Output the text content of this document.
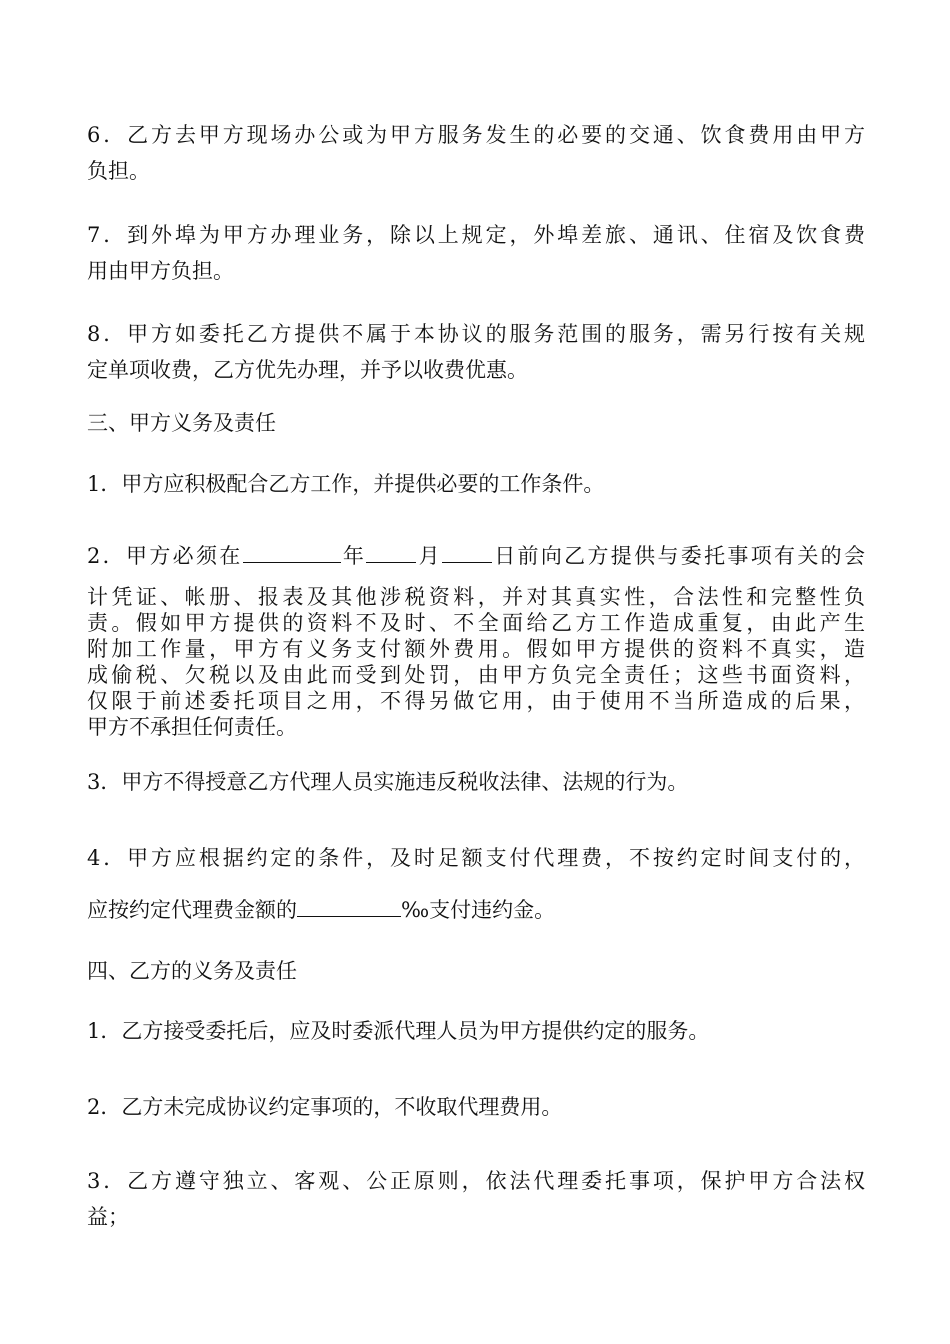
6．乙方去甲方现场办公或为甲方服务发生的必要的交通、饮食费用由甲方
负担。

7．到外埠为甲方办理业务，除以上规定，外埠差旅、通讯、住宿及饮食费
用由甲方负担。

8．甲方如委托乙方提供不属于本协议的服务范围的服务，需另行按有关规
定单项收费，乙方优先办理，并予以收费优惠。

三、甲方义务及责任

1．甲方应积极配合乙方工作，并提供必要的工作条件。

2．甲方必须在	年 月 日前向乙方提供与委托事项有关的会

计凭证、帐册、报表及其他涉税资料，并对其真实性，合法性和完整性负
责。假如甲方提供的资料不及时、不全面给乙方工作造成重复，由此产生
附加工作量，甲方有义务支付额外费用。假如甲方提供的资料不真实，造
成偷税、欠税以及由此而受到处罚，由甲方负完全责任；这些书面资料，
仅限于前述委托项目之用，不得另做它用，由于使用不当所造成的后果，
甲方不承担任何责任。

3．甲方不得授意乙方代理人员实施违反税收法律、法规的行为。

4．甲方应根据约定的条件，及时足额支付代理费，不按约定时间支付的，

应按约定代理费金额的	‰支付违约金。

四、乙方的义务及责任

1．乙方接受委托后，应及时委派代理人员为甲方提供约定的服务。

2．乙方未完成协议约定事项的，不收取代理费用。

3．乙方遵守独立、客观、公正原则，依法代理委托事项，保护甲方合法权
益；
